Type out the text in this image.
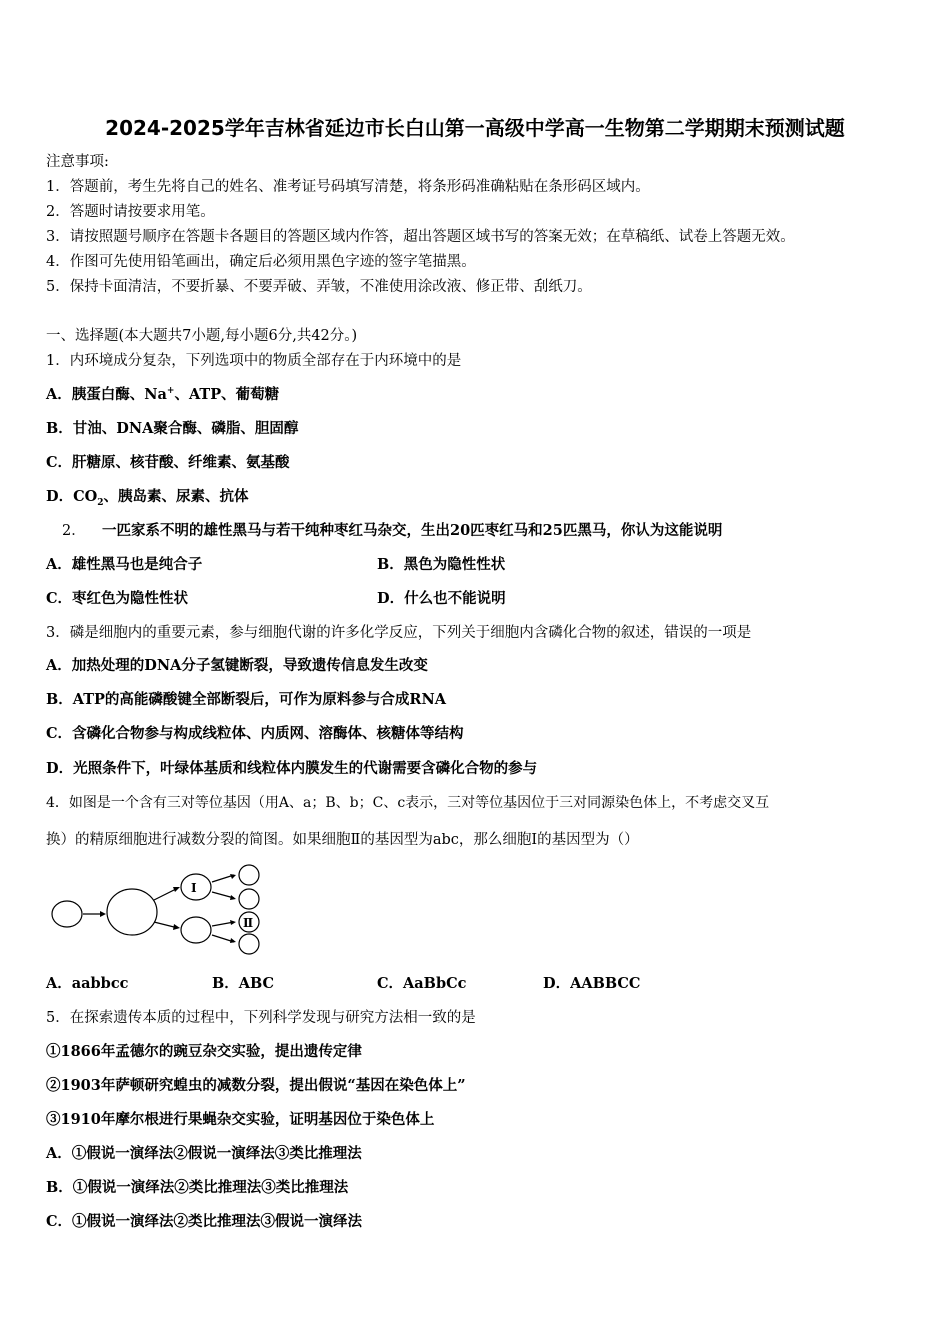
2024-2025学年吉林省延边市长白山第一高级中学高一生物第二学期期末预测试题
注意事项:
1．答题前，考生先将自己的姓名、准考证号码填写清楚，将条形码准确粘贴在条形码区域内。
2．答题时请按要求用笔。
3．请按照题号顺序在答题卡各题目的答题区域内作答，超出答题区域书写的答案无效；在草稿纸、试卷上答题无效。
4．作图可先使用铅笔画出，确定后必须用黑色字迹的签字笔描黑。
5．保持卡面清洁，不要折暴、不要弄破、弄皱，不准使用涂改液、修正带、刮纸刀。
一、选择题(本大题共7小题,每小题6分,共42分。)
1．内环境成分复杂，下列选项中的物质全部存在于内环境中的是
A．胰蛋白酶、Na+、ATP、葡萄糖
B．甘油、DNA聚合酶、磷脂、胆固醇
C．肝糖原、核苷酸、纤维素、氨基酸
D．$CO_2$、胰岛素、尿素、抗体
2． 一匹家系不明的雄性黑马与若干纯种枣红马杂交，生出20匹枣红马和25匹黑马，你认为这能说明
A．雄性黑马也是纯合子	B．黑色为隐性性状
C．枣红色为隐性性状	D．什么也不能说明
3．磷是细胞内的重要元素，参与细胞代谢的许多化学反应，下列关于细胞内含磷化合物的叙述，错误的一项是
A．加热处理的DNA分子氢键断裂，导致遗传信息发生改变
B．ATP的高能磷酸键全部断裂后，可作为原料参与合成RNA
C．含磷化合物参与构成线粒体、内质网、溶酶体、核糖体等结构
D．光照条件下，叶绿体基质和线粒体内膜发生的代谢需要含磷化合物的参与
4．如图是一个含有三对等位基因（用A、a；B、b；C、c表示，三对等位基因位于三对同源染色体上，不考虑交叉互
换）的精原细胞进行减数分裂的简图。如果细胞Ⅱ的基因型为abc，那么细胞Ⅰ的基因型为（）
Ⅰ
Ⅱ
A．aabbcc	B．ABC	C．AaBbCc	D．AABBCC
5．在探索遗传本质的过程中，下列科学发现与研究方法相一致的是
①1866年孟德尔的豌豆杂交实验，提出遗传定律
②1903年萨顿研究蝗虫的减数分裂，提出假说“基因在染色体上”
③1910年摩尔根进行果蝇杂交实验，证明基因位于染色体上
A．①假说一演绎法②假说一演绎法③类比推理法
B．①假说一演绎法②类比推理法③类比推理法
C．①假说一演绎法②类比推理法③假说一演绎法
